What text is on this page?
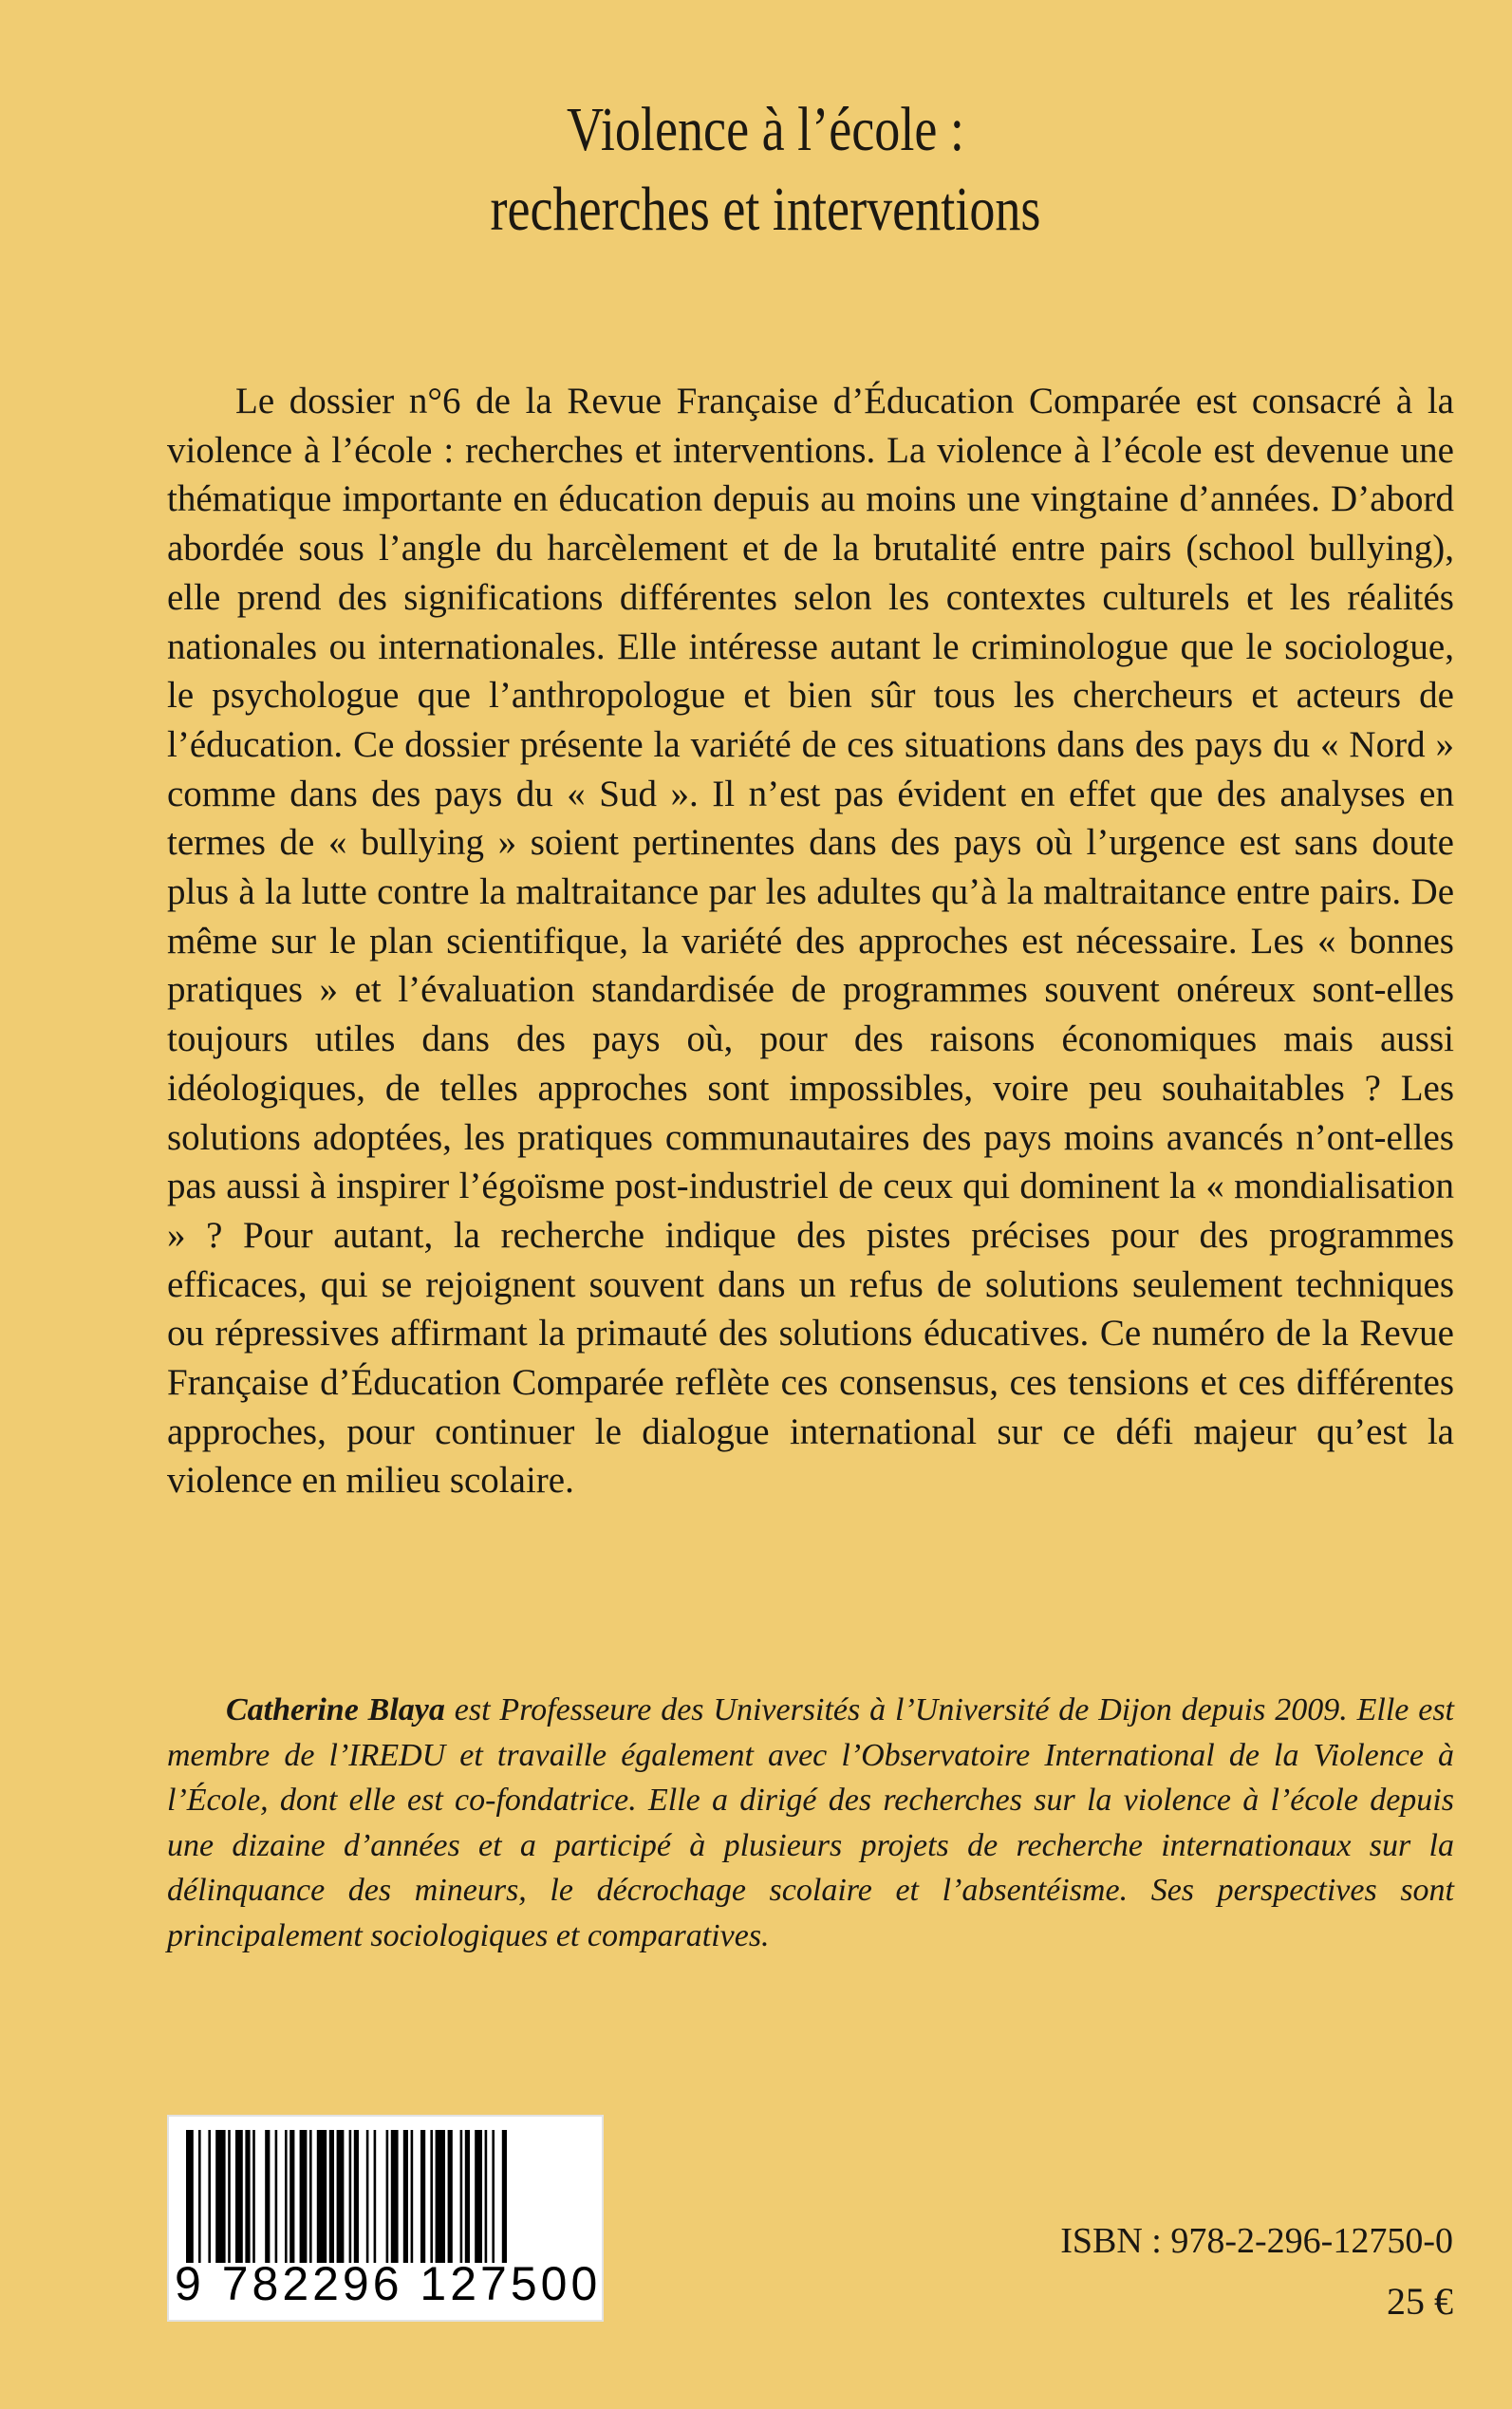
Violence à l’école :
recherches et interventions

Le dossier n°6 de la Revue Française d’Éducation Comparée est consacré à la violence à l’école : recherches et interventions. La violence à l’école est devenue une thématique importante en éducation depuis au moins une vingtaine d’années. D’abord abordée sous l’angle du harcèlement et de la brutalité entre pairs (school bullying), elle prend des significations différentes selon les contextes culturels et les réalités nationales ou internationales. Elle intéresse autant le criminologue que le sociologue, le psychologue que l’anthropologue et bien sûr tous les chercheurs et acteurs de l’éducation. Ce dossier présente la variété de ces situations dans des pays du « Nord » comme dans des pays du « Sud ». Il n’est pas évident en effet que des analyses en termes de « bullying » soient pertinentes dans des pays où l’urgence est sans doute plus à la lutte contre la maltraitance par les adultes qu’à la maltraitance entre pairs. De même sur le plan scientifique, la variété des approches est nécessaire. Les « bonnes pratiques » et l’évaluation standardisée de programmes souvent onéreux sont-elles toujours utiles dans des pays où, pour des raisons économiques mais aussi idéologiques, de telles approches sont impossibles, voire peu souhaitables ? Les solutions adoptées, les pratiques communautaires des pays moins avancés n’ont-elles pas aussi à inspirer l’égoïsme post-industriel de ceux qui dominent la « mondialisation » ? Pour autant, la recherche indique des pistes précises pour des programmes efficaces, qui se rejoignent souvent dans un refus de solutions seulement techniques ou répressives affirmant la primauté des solutions éducatives. Ce numéro de la Revue Française d’Éducation Comparée reflète ces consensus, ces tensions et ces différentes approches, pour continuer le dialogue international sur ce défi majeur qu’est la violence en milieu scolaire.

Catherine Blaya est Professeure des Universités à l’Université de Dijon depuis 2009. Elle est membre de l’IREDU et travaille également avec l’Observatoire International de la Violence à l’École, dont elle est co-fondatrice. Elle a dirigé des recherches sur la violence à l’école depuis une dizaine d’années et a participé à plusieurs projets de recherche internationaux sur la délinquance des mineurs, le décrochage scolaire et l’absentéisme. Ses perspectives sont principalement sociologiques et comparatives.

9 782296 127500
ISBN : 978-2-296-12750-0
25 €
